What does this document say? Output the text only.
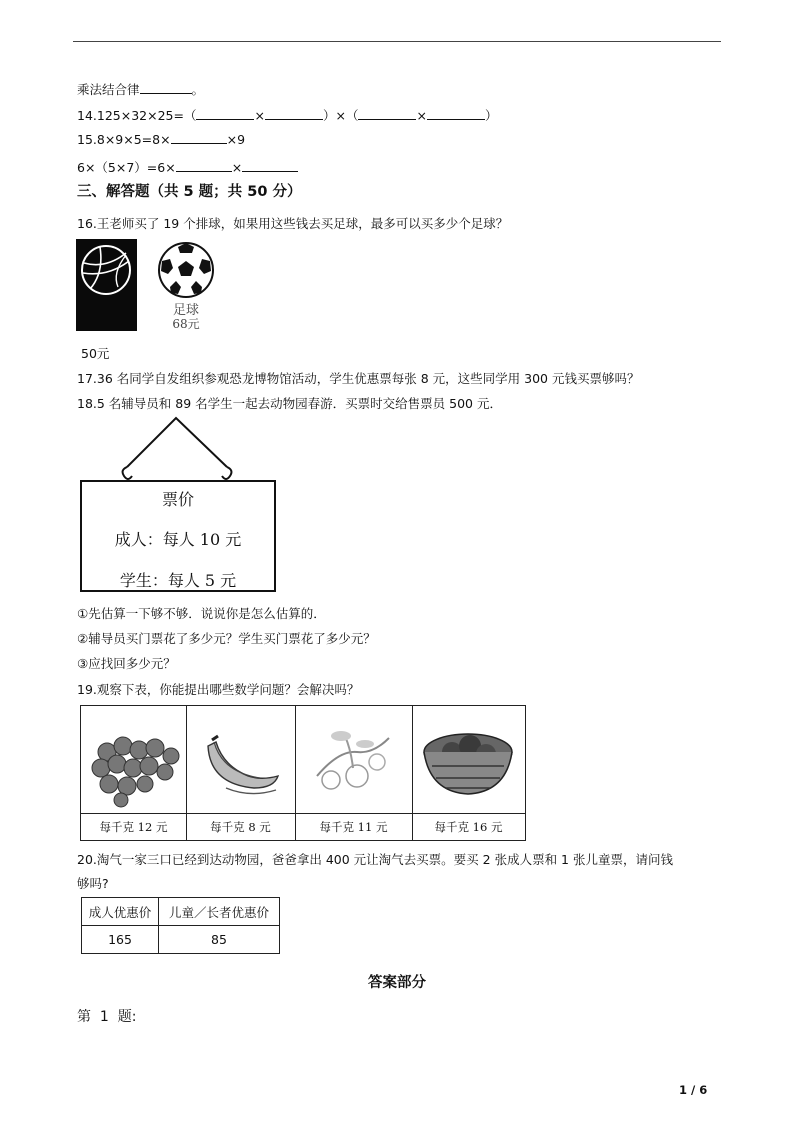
乘法结合律	。
14.125×32×25=（	×	）×（	×	）
15.8×9×5=8×	×9
6×（5×7）=6×	×
三、解答题（共 5 题；共 50 分）
16.王老师买了 19 个排球，如果用这些钱去买足球，最多可以买多少个足球？
足球
68元
50元
17.36 名同学自发组织参观恐龙博物馆活动，学生优惠票每张 8 元，这些同学用 300 元钱买票够吗？
18.5 名辅导员和 89 名学生一起去动物园春游．买票时交给售票员 500 元．
票价
成人：每人 10 元
学生：每人 5 元
①先估算一下够不够．说说你是怎么估算的．
②辅导员买门票花了多少元？学生买门票花了多少元？
③应找回多少元？
19.观察下表，你能提出哪些数学问题？会解决吗？
每千克 12 元	每千克 8 元	每千克 11 元	每千克 16 元
20.淘气一家三口已经到达动物园，爸爸拿出 400 元让淘气去买票。要买 2 张成人票和 1 张儿童票，请问钱
够吗?
成人优惠价	儿童／长者优惠价
165	85
答案部分
第  1  题:
1 / 6
